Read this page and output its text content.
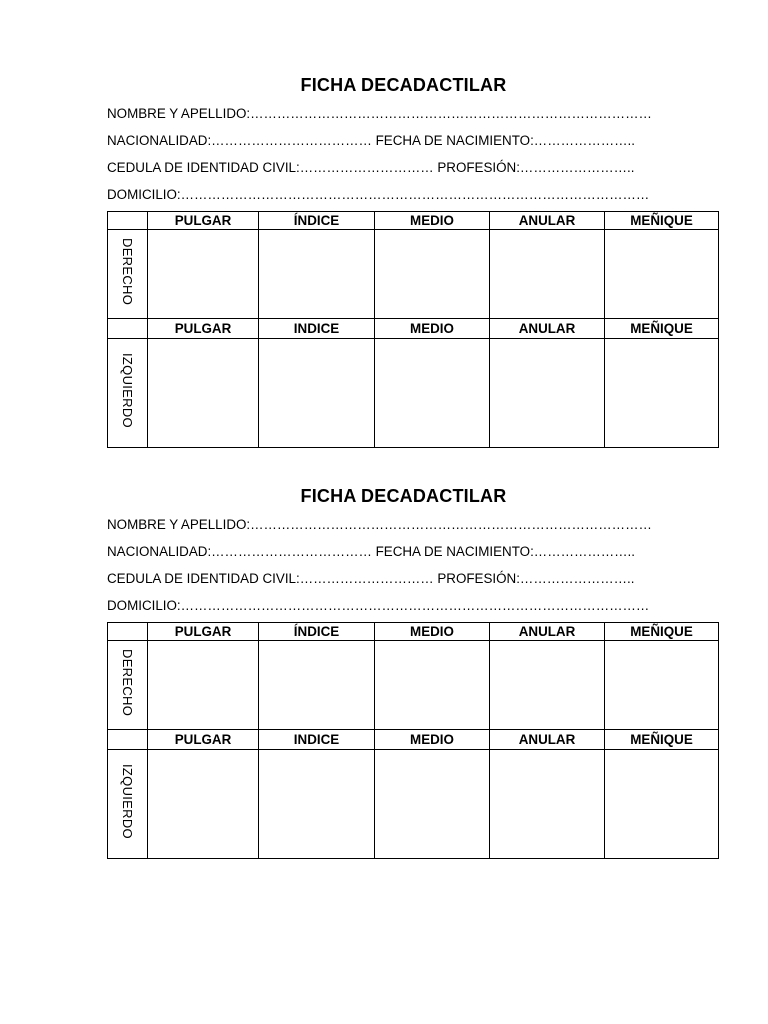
FICHA DECADACTILAR
NOMBRE Y APELLIDO:………………………………………………………………………………
NACIONALIDAD:……………………………… FECHA DE NACIMIENTO:…………………..
CEDULA DE IDENTIDAD CIVIL:………………………… PROFESIÓN:……………………..
DOMICILIO:……………………………………………………………………………………………
	PULGAR	ÍNDICE	MEDIO	ANULAR	MEÑIQUE
DERECHO					
	PULGAR	INDICE	MEDIO	ANULAR	MEÑIQUE
IZQUIERDO					
FICHA DECADACTILAR
NOMBRE Y APELLIDO:………………………………………………………………………………
NACIONALIDAD:……………………………… FECHA DE NACIMIENTO:…………………..
CEDULA DE IDENTIDAD CIVIL:………………………… PROFESIÓN:……………………..
DOMICILIO:……………………………………………………………………………………………
	PULGAR	ÍNDICE	MEDIO	ANULAR	MEÑIQUE
DERECHO					
	PULGAR	INDICE	MEDIO	ANULAR	MEÑIQUE
IZQUIERDO					
